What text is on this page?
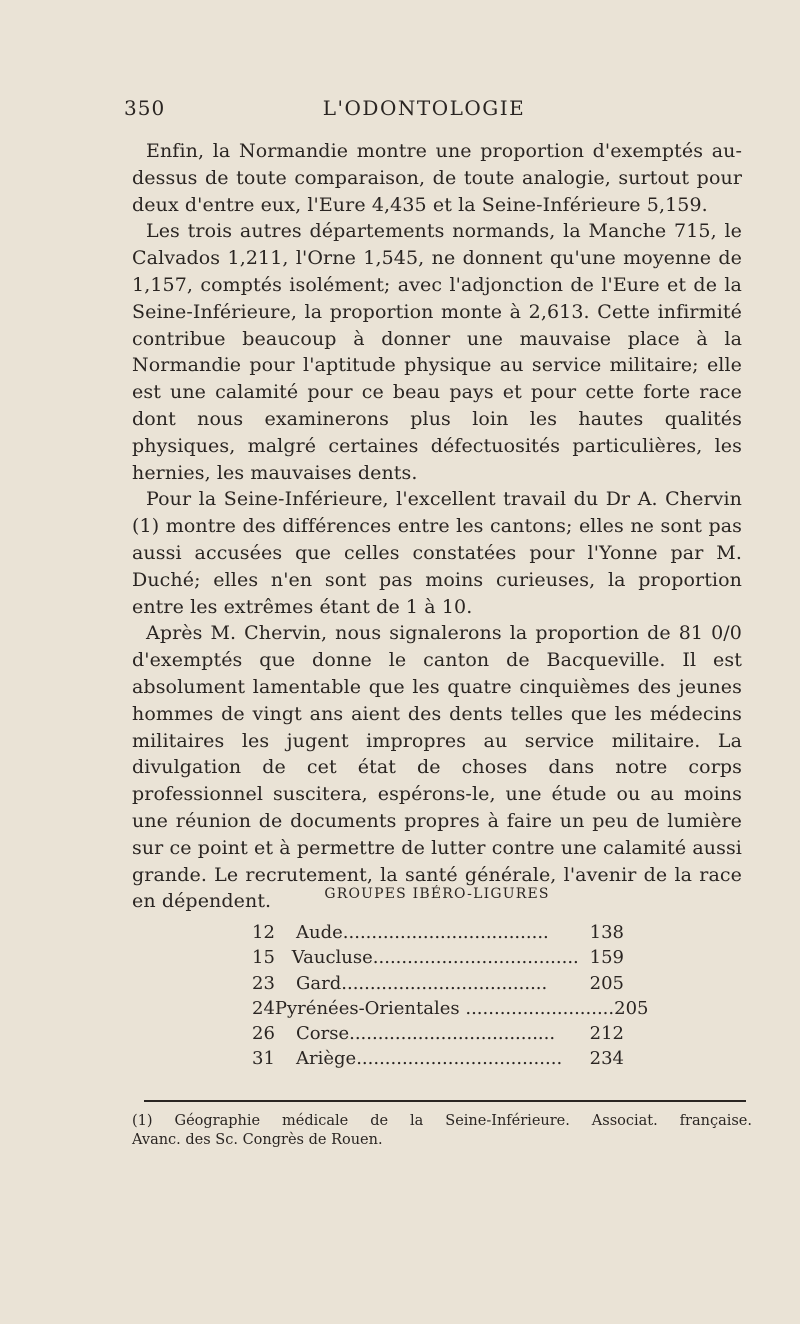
350	L'ODONTOLOGIE

Enfin, la Normandie montre une proportion d'exemptés au-dessus de toute comparaison, de toute analogie, surtout pour deux d'entre eux, l'Eure 4,435 et la Seine-Inférieure 5,159.

Les trois autres départements normands, la Manche 715, le Calvados 1,211, l'Orne 1,545, ne donnent qu'une moyenne de 1,157, comptés isolément; avec l'adjonction de l'Eure et de la Seine-Inférieure, la proportion monte à 2,613. Cette infirmité contribue beaucoup à donner une mauvaise place à la Normandie pour l'aptitude physique au service militaire; elle est une calamité pour ce beau pays et pour cette forte race dont nous examinerons plus loin les hautes qualités physiques, malgré certaines défectuosités particulières, les hernies, les mauvaises dents.

Pour la Seine-Inférieure, l'excellent travail du Dr A. Chervin (1) montre des différences entre les cantons; elles ne sont pas aussi accusées que celles constatées pour l'Yonne par M. Duché; elles n'en sont pas moins curieuses, la proportion entre les extrêmes étant de 1 à 10.

Après M. Chervin, nous signalerons la proportion de 81 0/0 d'exemptés que donne le canton de Bacqueville. Il est absolument lamentable que les quatre cinquièmes des jeunes hommes de vingt ans aient des dents telles que les médecins militaires les jugent impropres au service militaire. La divulgation de cet état de choses dans notre corps professionnel suscitera, espérons-le, une étude ou au moins une réunion de documents propres à faire un peu de lumière sur ce point et à permettre de lutter contre une calamité aussi grande. Le recrutement, la santé générale, l'avenir de la race en dépendent.	GROUPES IBÉRO-LIGURES
12	Aude....................................	138
15 Vaucluse.................................... 159
23	Gard....................................	205
24 Pyrénées-Orientales .......................... 205
26	Corse....................................	212
31	Ariège....................................	234
(1) Géographie médicale de la Seine-Inférieure. Associat. française.
Avanc. des Sc. Congrès de Rouen.
